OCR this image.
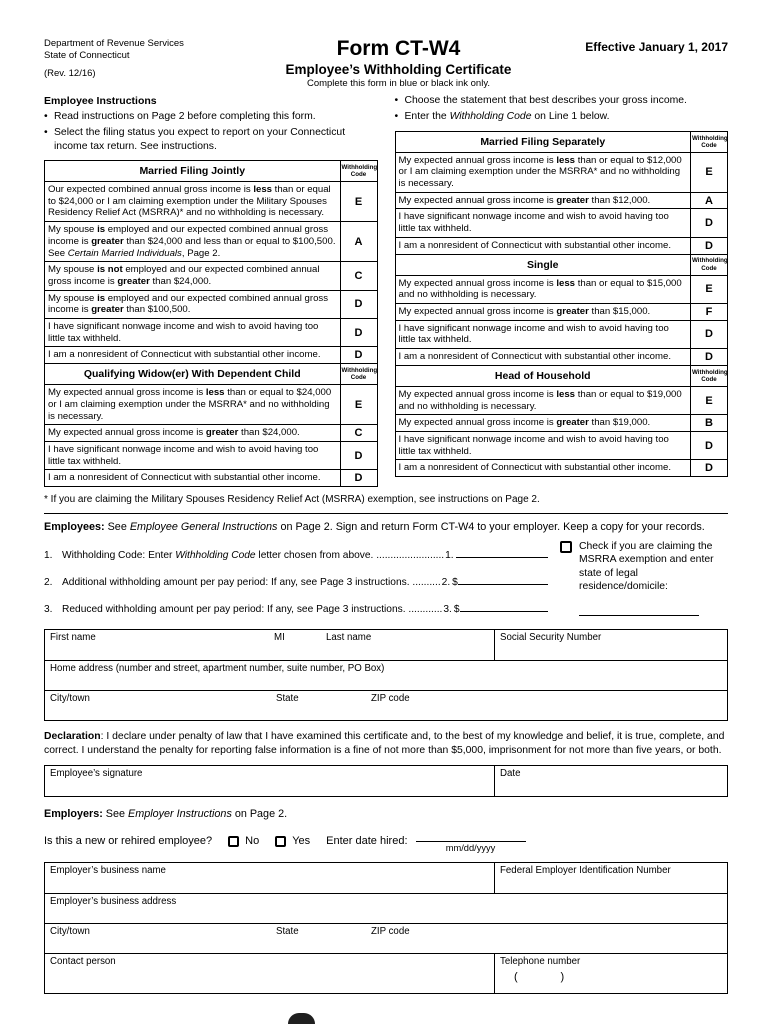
Department of Revenue Services
State of Connecticut
(Rev. 12/16)
Form CT-W4
Employee’s Withholding Certificate
Complete this form in blue or black ink only.
Effective January 1, 2017
Employee Instructions
• Read instructions on Page 2 before completing this form.
• Select the filing status you expect to report on your Connecticut income tax return. See instructions.
Married Filing Jointly	Withholding Code
Our expected combined annual gross income is less than or equal to $24,000 or I am claiming exemption under the Military Spouses Residency Relief Act (MSRRA)* and no withholding is necessary.	E
My spouse is employed and our expected combined annual gross income is greater than $24,000 and less than or equal to $100,500. See Certain Married Individuals, Page 2.	A
My spouse is not employed and our expected combined annual gross income is greater than $24,000.	C
My spouse is employed and our expected combined annual gross income is greater than $100,500.	D
I have significant nonwage income and wish to avoid having too little tax withheld.	D
I am a nonresident of Connecticut with substantial other income.	D
Qualifying Widow(er) With Dependent Child	Withholding Code
My expected annual gross income is less than or equal to $24,000 or I am claiming exemption under the MSRRA* and no withholding is necessary.	E
My expected annual gross income is greater than $24,000.	C
I have significant nonwage income and wish to avoid having too little tax withheld.	D
I am a nonresident of Connecticut with substantial other income.	D
• Choose the statement that best describes your gross income.
• Enter the Withholding Code on Line 1 below.
Married Filing Separately	Withholding Code
My expected annual gross income is less than or equal to $12,000 or I am claiming exemption under the MSRRA* and no withholding is necessary.	E
My expected annual gross income is greater than $12,000.	A
I have significant nonwage income and wish to avoid having too little tax withheld.	D
I am a nonresident of Connecticut with substantial other income.	D
Single	Withholding Code
My expected annual gross income is less than or equal to $15,000 and no withholding is necessary.	E
My expected annual gross income is greater than $15,000.	F
I have significant nonwage income and wish to avoid having too little tax withheld.	D
I am a nonresident of Connecticut with substantial other income.	D
Head of Household	Withholding Code
My expected annual gross income is less than or equal to $19,000 and no withholding is necessary.	E
My expected annual gross income is greater than $19,000.	B
I have significant nonwage income and wish to avoid having too little tax withheld.	D
I am a nonresident of Connecticut with substantial other income.	D
* If you are claiming the Military Spouses Residency Relief Act (MSRRA) exemption, see instructions on Page 2.
Employees: See Employee General Instructions on Page 2. Sign and return Form CT-W4 to your employer. Keep a copy for your records.
1. Withholding Code: Enter Withholding Code letter chosen from above. ........................ 1.
2. Additional withholding amount per pay period: If any, see Page 3 instructions. .......... 2. $
3. Reduced withholding amount per pay period: If any, see Page 3 instructions. ............ 3. $
Check if you are claiming the MSRRA exemption and enter state of legal residence/domicile:
First name	MI	Last name	Social Security Number
Home address (number and street, apartment number, suite number, PO Box)
City/town	State	ZIP code
Declaration: I declare under penalty of law that I have examined this certificate and, to the best of my knowledge and belief, it is true, complete, and correct. I understand the penalty for reporting false information is a fine of not more than $5,000, imprisonment for not more than five years, or both.
Employee’s signature	Date
Employers: See Employer Instructions on Page 2.
Is this a new or rehired employee?	No	Yes Enter date hired:
mm/dd/yyyy
Employer’s business name	Federal Employer Identification Number
Employer’s business address
City/town	State	ZIP code
Contact person	Telephone number
(              )
